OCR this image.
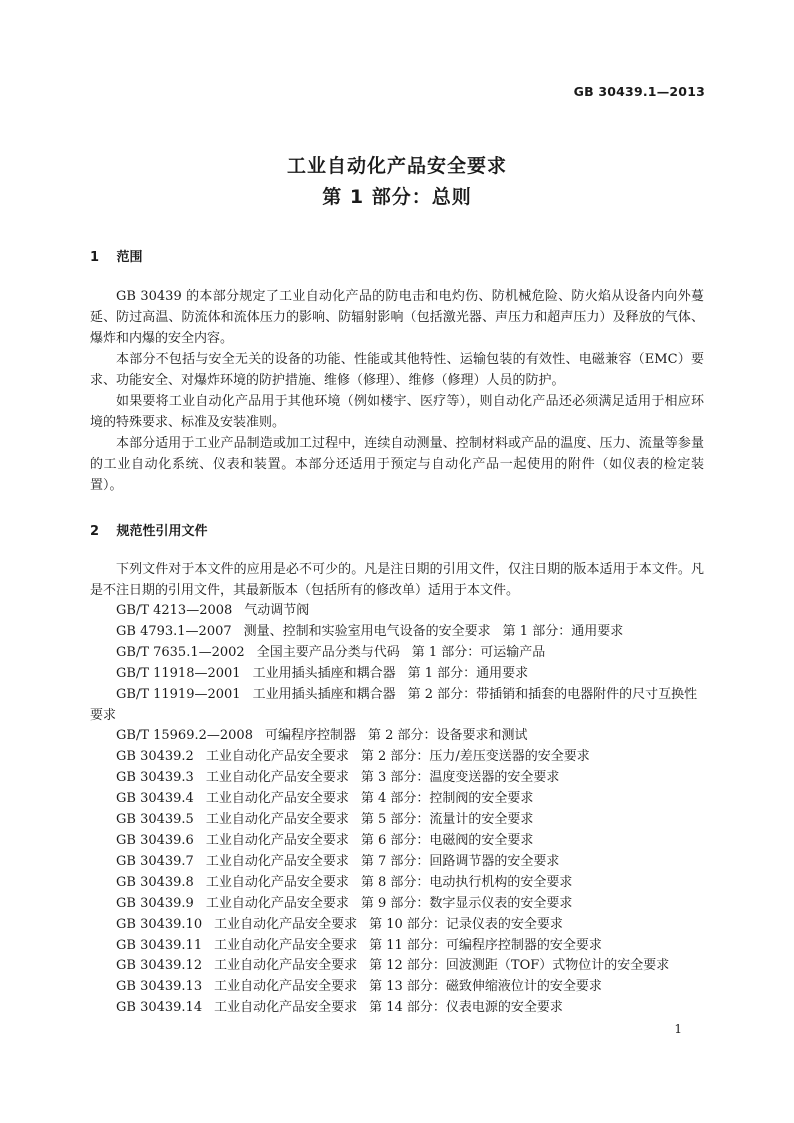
GB 30439.1—2013
工业自动化产品安全要求
第 1 部分：总则
1 范围

GB 30439 的本部分规定了工业自动化产品的防电击和电灼伤、防机械危险、防火焰从设备内向外蔓延、防过高温、防流体和流体压力的影响、防辐射影响（包括激光器、声压力和超声压力）及释放的气体、爆炸和内爆的安全内容。

本部分不包括与安全无关的设备的功能、性能或其他特性、运输包装的有效性、电磁兼容（EMC）要求、功能安全、对爆炸环境的防护措施、维修（修理）、维修（修理）人员的防护。

如果要将工业自动化产品用于其他环境（例如楼宇、医疗等），则自动化产品还必须满足适用于相应环境的特殊要求、标准及安装准则。

本部分适用于工业产品制造或加工过程中，连续自动测量、控制材料或产品的温度、压力、流量等参量的工业自动化系统、仪表和装置。本部分还适用于预定与自动化产品一起使用的附件（如仪表的检定装置）。

2 规范性引用文件

下列文件对于本文件的应用是必不可少的。凡是注日期的引用文件，仅注日期的版本适用于本文件。凡是不注日期的引用文件，其最新版本（包括所有的修改单）适用于本文件。

GB/T 4213—2008 气动调节阀
GB 4793.1—2007 测量、控制和实验室用电气设备的安全要求 第 1 部分：通用要求
GB/T 7635.1—2002 全国主要产品分类与代码 第 1 部分：可运输产品
GB/T 11918—2001 工业用插头插座和耦合器 第 1 部分：通用要求
GB/T 11919—2001 工业用插头插座和耦合器 第 2 部分：带插销和插套的电器附件的尺寸互换性要求
GB/T 15969.2—2008 可编程序控制器 第 2 部分：设备要求和测试
GB 30439.2 工业自动化产品安全要求 第 2 部分：压力/差压变送器的安全要求
GB 30439.3 工业自动化产品安全要求 第 3 部分：温度变送器的安全要求
GB 30439.4 工业自动化产品安全要求 第 4 部分：控制阀的安全要求
GB 30439.5 工业自动化产品安全要求 第 5 部分：流量计的安全要求
GB 30439.6 工业自动化产品安全要求 第 6 部分：电磁阀的安全要求
GB 30439.7 工业自动化产品安全要求 第 7 部分：回路调节器的安全要求
GB 30439.8 工业自动化产品安全要求 第 8 部分：电动执行机构的安全要求
GB 30439.9 工业自动化产品安全要求 第 9 部分：数字显示仪表的安全要求
GB 30439.10 工业自动化产品安全要求 第 10 部分：记录仪表的安全要求
GB 30439.11 工业自动化产品安全要求 第 11 部分：可编程序控制器的安全要求
GB 30439.12 工业自动化产品安全要求 第 12 部分：回波测距（TOF）式物位计的安全要求
GB 30439.13 工业自动化产品安全要求 第 13 部分：磁致伸缩液位计的安全要求
GB 30439.14 工业自动化产品安全要求 第 14 部分：仪表电源的安全要求
1
